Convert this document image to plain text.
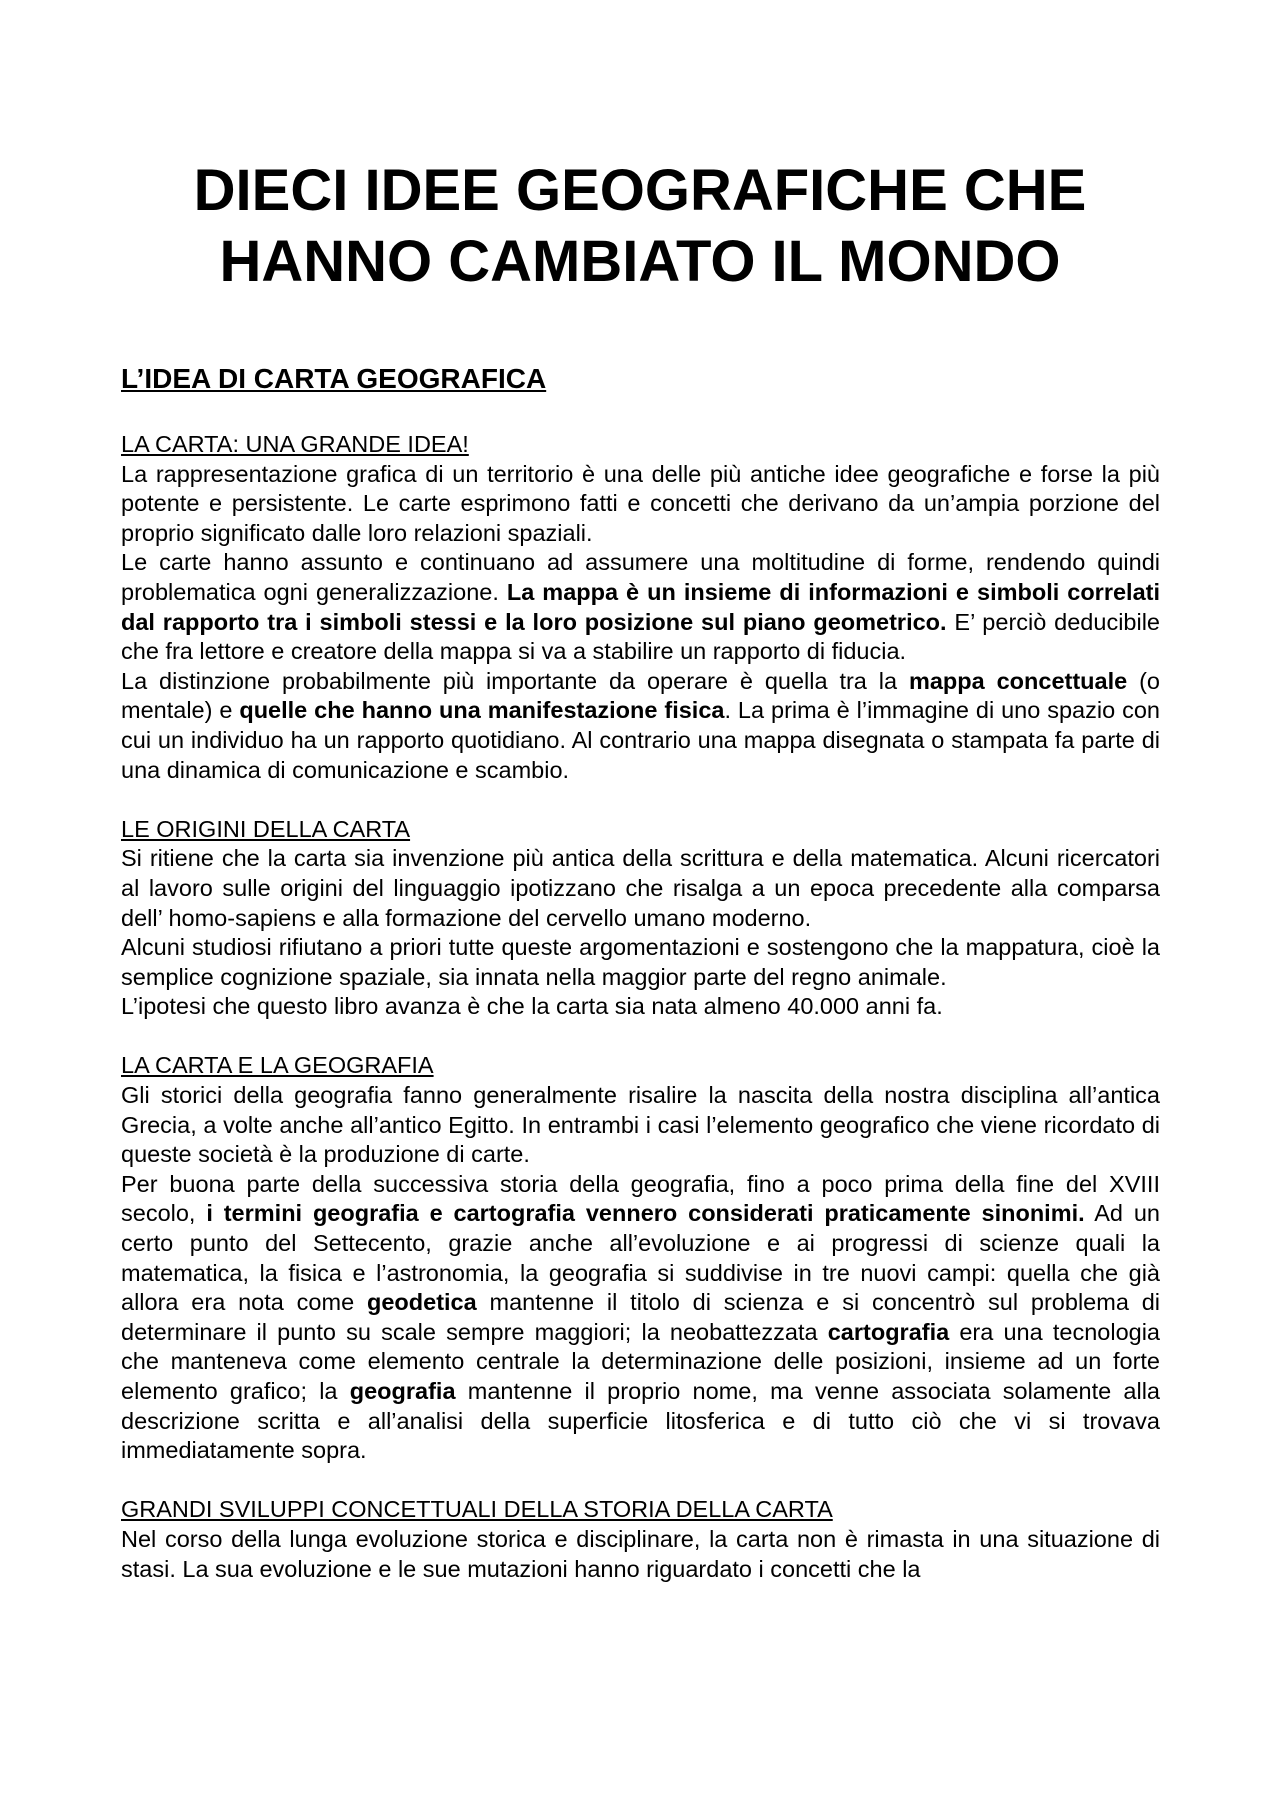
DIECI IDEE GEOGRAFICHE CHE
HANNO CAMBIATO IL MONDO
L’IDEA DI CARTA GEOGRAFICA
LA CARTA: UNA GRANDE IDEA!

La rappresentazione grafica di un territorio è una delle più antiche idee geografiche e forse la più potente e persistente. Le carte esprimono fatti e concetti che derivano da un’ampia porzione del proprio significato dalle loro relazioni spaziali.

Le carte hanno assunto e continuano ad assumere una moltitudine di forme, rendendo quindi problematica ogni generalizzazione. La mappa è un insieme di informazioni e simboli correlati dal rapporto tra i simboli stessi e la loro posizione sul piano geometrico. E’ perciò deducibile che fra lettore e creatore della mappa si va a stabilire un rapporto di fiducia.

La distinzione probabilmente più importante da operare è quella tra la mappa concettuale (o mentale) e quelle che hanno una manifestazione fisica. La prima è l’immagine di uno spazio con cui un individuo ha un rapporto quotidiano. Al contrario una mappa disegnata o stampata fa parte di una dinamica di comunicazione e scambio.

LE ORIGINI DELLA CARTA

Si ritiene che la carta sia invenzione più antica della scrittura e della matematica. Alcuni ricercatori al lavoro sulle origini del linguaggio ipotizzano che risalga a un epoca precedente alla comparsa dell’ homo-sapiens e alla formazione del cervello umano moderno.

Alcuni studiosi rifiutano a priori tutte queste argomentazioni e sostengono che la mappatura, cioè la semplice cognizione spaziale, sia innata nella maggior parte del regno animale.

L’ipotesi che questo libro avanza è che la carta sia nata almeno 40.000 anni fa.

LA CARTA E LA GEOGRAFIA

Gli storici della geografia fanno generalmente risalire la nascita della nostra disciplina all’antica Grecia, a volte anche all’antico Egitto. In entrambi i casi l’elemento geografico che viene ricordato di queste società è la produzione di carte.

Per buona parte della successiva storia della geografia, fino a poco prima della fine del XVIII secolo, i termini geografia e cartografia vennero considerati praticamente sinonimi. Ad un certo punto del Settecento, grazie anche all’evoluzione e ai progressi di scienze quali la matematica, la fisica e l’astronomia, la geografia si suddivise in tre nuovi campi: quella che già allora era nota come geodetica mantenne il titolo di scienza e si concentrò sul problema di determinare il punto su scale sempre maggiori; la neobattezzata cartografia era una tecnologia che manteneva come elemento centrale la determinazione delle posizioni, insieme ad un forte elemento grafico; la geografia mantenne il proprio nome, ma venne associata solamente alla descrizione scritta e all’analisi della superficie litosferica e di tutto ciò che vi si trovava immediatamente sopra.

GRANDI SVILUPPI CONCETTUALI DELLA STORIA DELLA CARTA

Nel corso della lunga evoluzione storica e disciplinare, la carta non è rimasta in una situazione di stasi. La sua evoluzione e le sue mutazioni hanno riguardato i concetti che la
